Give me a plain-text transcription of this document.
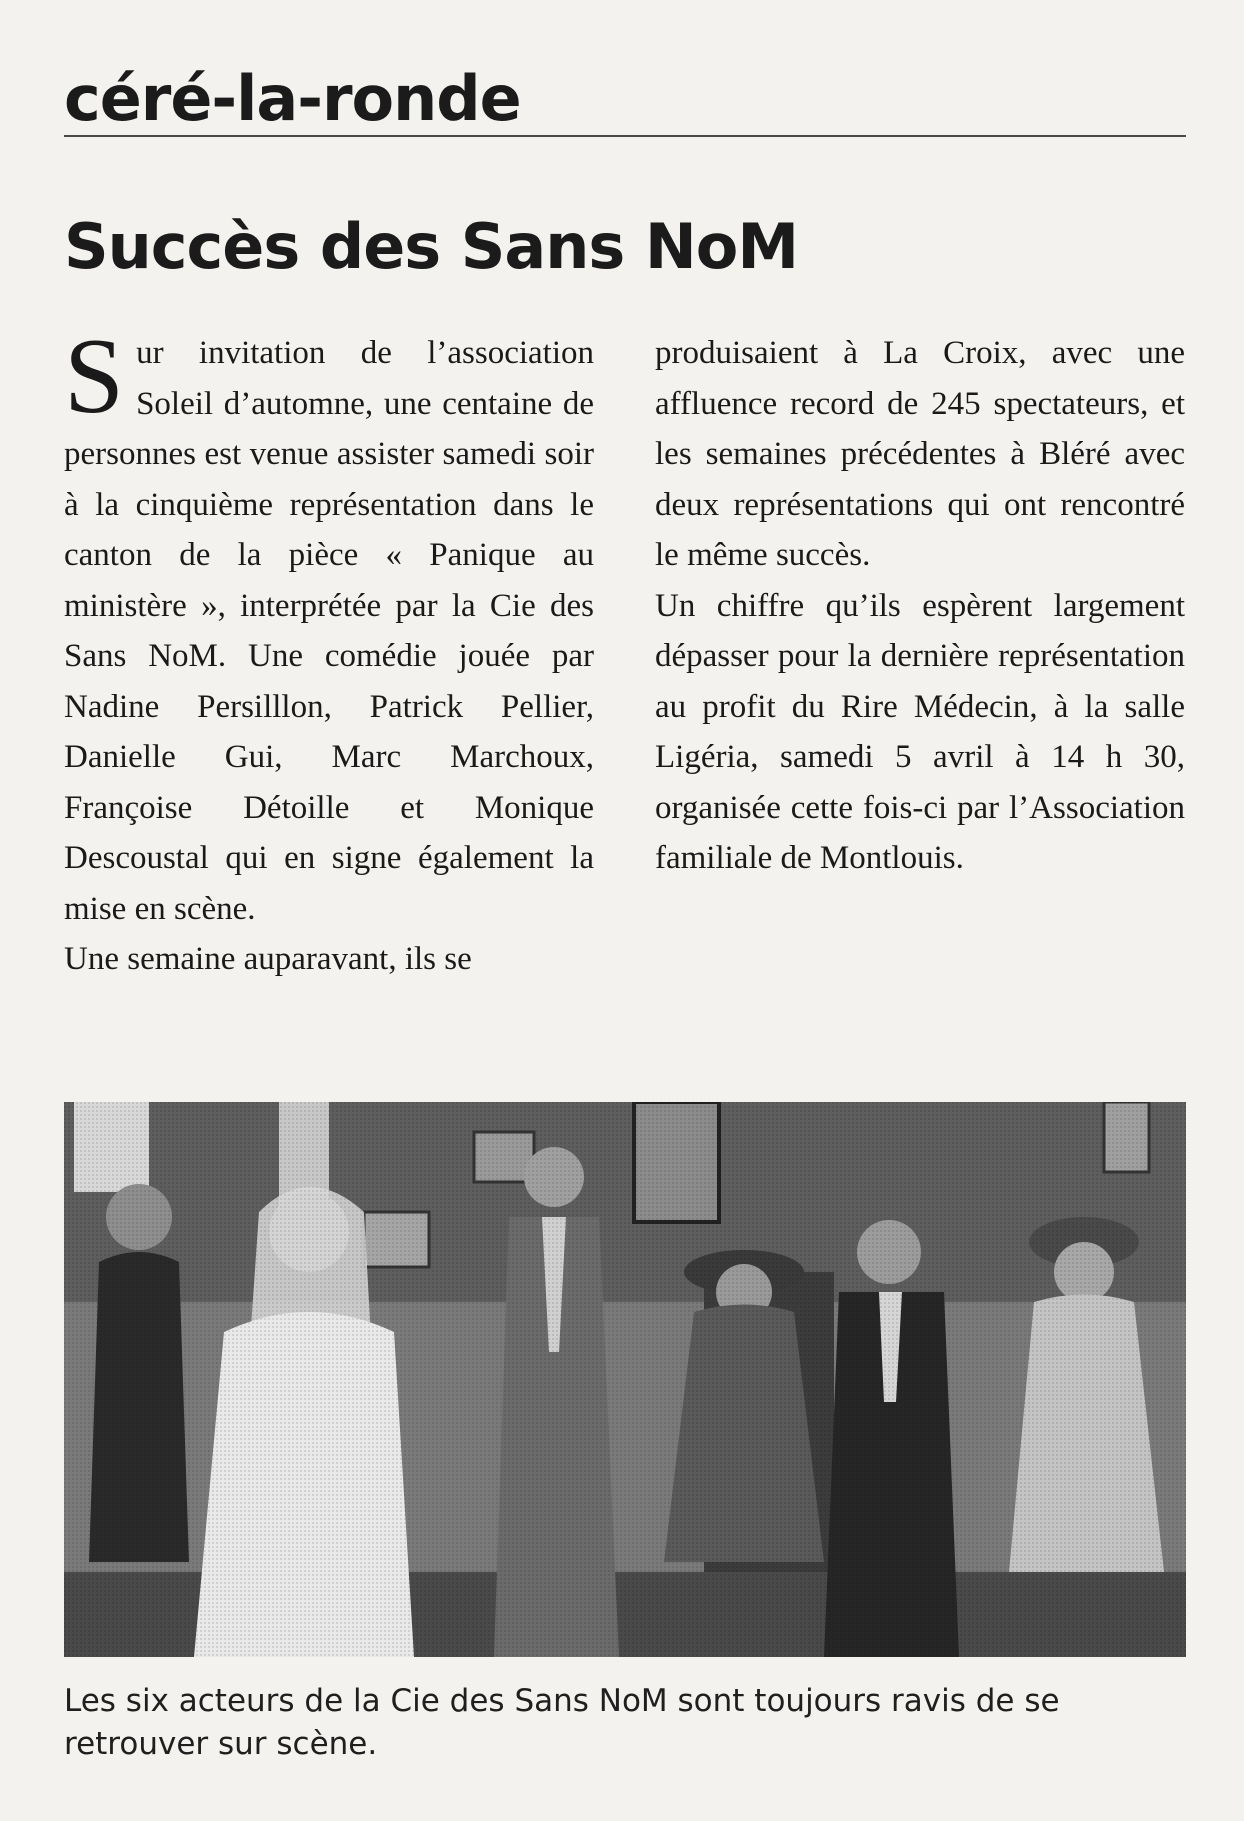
céré-la-ronde
Succès des Sans NoM

Sur invitation de l’association Soleil d’automne, une centaine de personnes est venue assister samedi soir à la cinquième représentation dans le canton de la pièce « Panique au ministère », interprétée par la Cie des Sans NoM. Une comédie jouée par Nadine Persilllon, Patrick Pellier, Danielle Gui, Marc Marchoux, Françoise Détoille et Monique Descoustal qui en signe également la mise en scène.

Une semaine auparavant, ils se

produisaient à La Croix, avec une affluence record de 245 spectateurs, et les semaines précédentes à Bléré avec deux représentations qui ont rencontré le même succès.

Un chiffre qu’ils espèrent largement dépasser pour la dernière représentation au profit du Rire Médecin, à la salle Ligéria, samedi 5 avril à 14 h 30, organisée cette fois-ci par l’Association familiale de Montlouis.

Les six acteurs de la Cie des Sans NoM sont toujours ravis de se retrouver sur scène.
